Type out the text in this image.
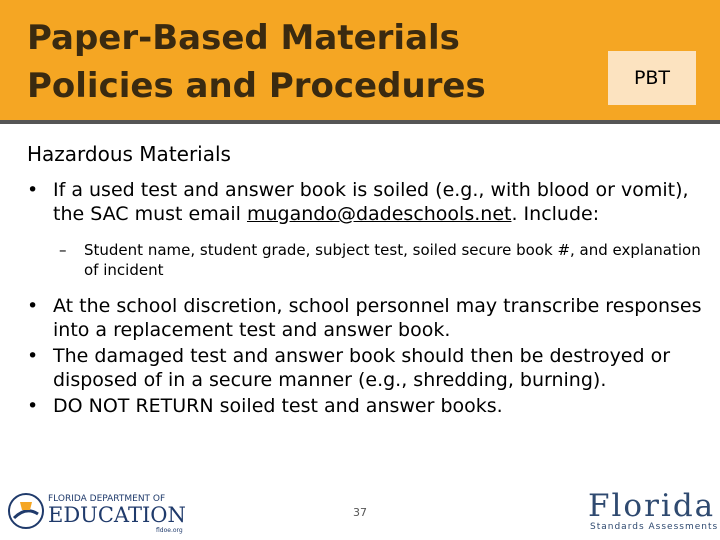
Paper-Based Materials
Policies and Procedures	PBT
Hazardous Materials
• If a used test and answer book is soiled (e.g., with blood or vomit), the SAC must email mugando@dadeschools.net. Include:
– Student name, student grade, subject test, soiled secure book #, and explanation of incident
• At the school discretion, school personnel may transcribe responses into a replacement test and answer book.
• The damaged test and answer book should then be destroyed or disposed of in a secure manner (e.g., shredding, burning).
• DO NOT RETURN soiled test and answer books.
FLORIDA DEPARTMENT OF
EDUCATION
fldoe.org
37	Florida
Standards Assessments
